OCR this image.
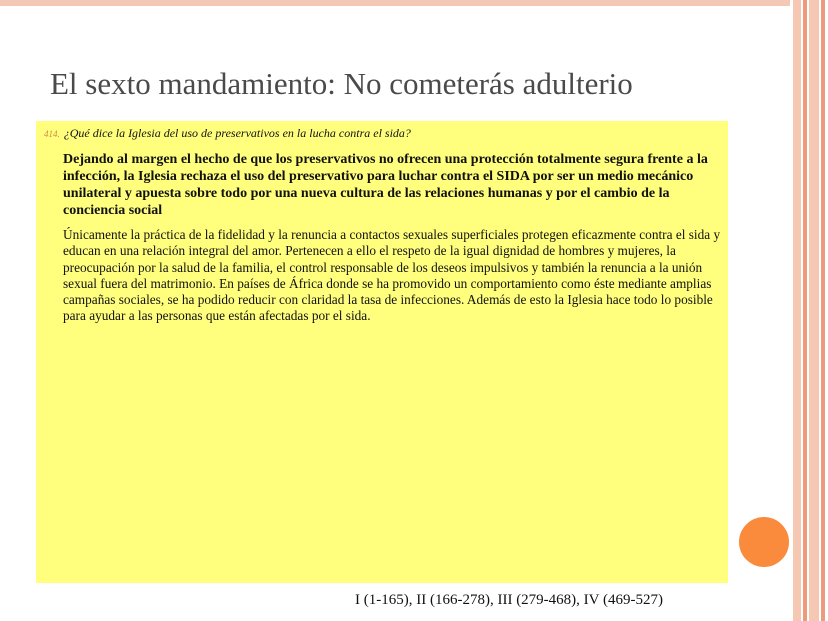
El sexto mandamiento: No cometerás adulterio
414. ¿Qué dice la Iglesia del uso de preservativos en la lucha contra el sida?
Dejando al margen el hecho de que los preservativos no ofrecen una protección totalmente segura frente a la infección, la Iglesia rechaza el uso del preservativo para luchar contra el SIDA por ser un medio mecánico unilateral y apuesta sobre todo por una nueva cultura de las relaciones humanas y por el cambio de la conciencia social
Únicamente la práctica de la fidelidad y la renuncia a contactos sexuales superficiales protegen eficazmente contra el sida y educan en una relación integral del amor. Pertenecen a ello el respeto de la igual dignidad de hombres y mujeres, la preocupación por la salud de la familia, el control responsable de los deseos impulsivos y también la renuncia a la unión sexual fuera del matrimonio. En países de África donde se ha promovido un comportamiento como éste mediante amplias campañas sociales, se ha podido reducir con claridad la tasa de infecciones. Además de esto la Iglesia hace todo lo posible para ayudar a las personas que están afectadas por el sida.
I (1-165), II (166-278), III (279-468), IV (469-527)
